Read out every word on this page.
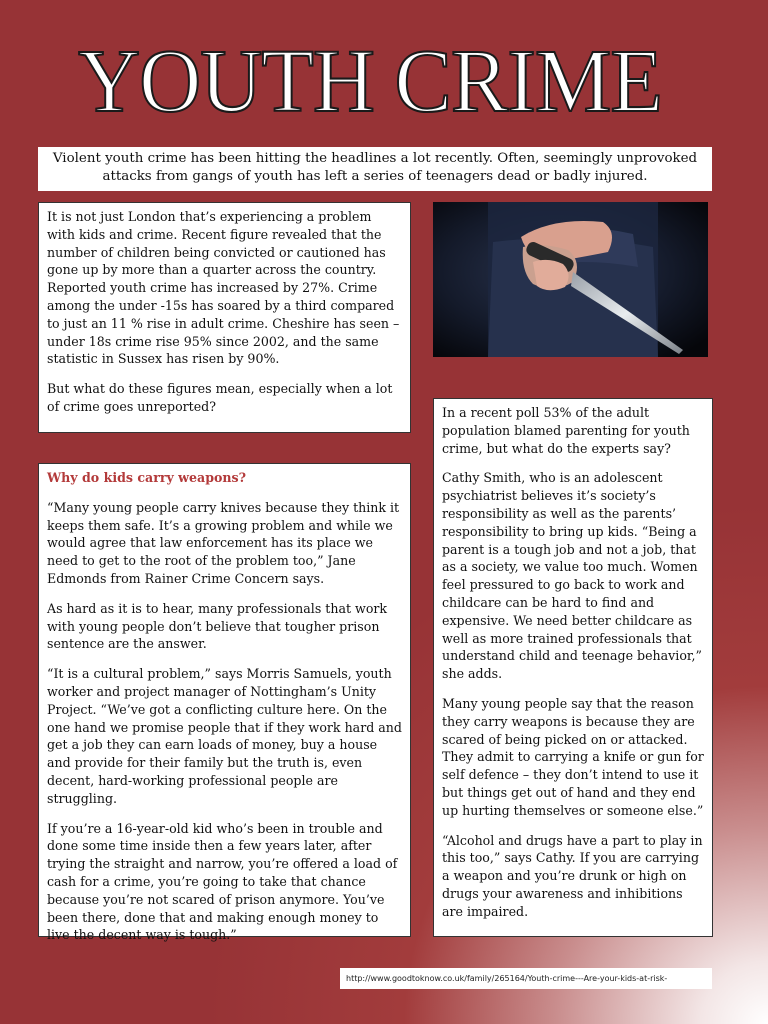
YOUTH CRIME
Violent youth crime has been hitting the headlines a lot recently. Often, seemingly unprovoked attacks from gangs of youth has left a series of teenagers dead or badly injured.

It is not just London that’s experiencing a problem with kids and crime. Recent figure revealed that the number of children being convicted or cautioned has gone up by more than a quarter across the country. Reported youth crime has increased by 27%. Crime among the under -15s has soared by a third compared to just an 11 % rise in adult crime. Cheshire has seen –under 18s crime rise 95% since 2002, and the same statistic in Sussex has risen by 90%.

But what do these figures mean, especially when a lot of crime goes unreported?

Why do kids carry weapons?

“Many young people carry knives because they think it keeps them safe. It’s a growing problem and while we would agree that law enforcement has its place we need to get to the root of the problem too,” Jane Edmonds from Rainer Crime Concern says.

As hard as it is to hear, many professionals that work with young people don’t believe that tougher prison sentence are the answer.

“It is a cultural problem,” says Morris Samuels, youth worker and project manager of Nottingham’s Unity Project. “We’ve got a conflicting culture here. On the one hand we promise people that if they work hard and get a job they can earn loads of money, buy a house and provide for their family but the truth is, even decent, hard-working professional people are struggling.

If you’re a 16-year-old kid who’s been in trouble and done some time inside then a few years later, after trying the straight and narrow, you’re offered a load of cash for a crime, you’re going to take that chance because you’re not scared of prison anymore. You’ve been there, done that and making enough money to live the decent way is tough.”

In a recent poll 53% of the adult population blamed parenting for youth crime, but what do the experts say?

Cathy Smith, who is an adolescent psychiatrist believes it’s society’s responsibility as well as the parents’ responsibility to bring up kids. “Being a parent is a tough job and not a job, that as a society, we value too much. Women feel pressured to go back to work and childcare can be hard to find and expensive. We need better childcare as well as more trained professionals that understand child and teenage behavior,” she adds.

Many young people say that the reason they carry weapons is because they are scared of being picked on or attacked. They admit to carrying a knife or gun for self defence – they don’t intend to use it but things get out of hand and they end up hurting themselves or someone else.”

“Alcohol and drugs have a part to play in this too,” says Cathy. If you are carrying a weapon and you’re drunk or high on drugs your awareness and inhibitions are impaired.

http://www.goodtoknow.co.uk/family/265164/Youth-crime---Are-your-kids-at-risk-
